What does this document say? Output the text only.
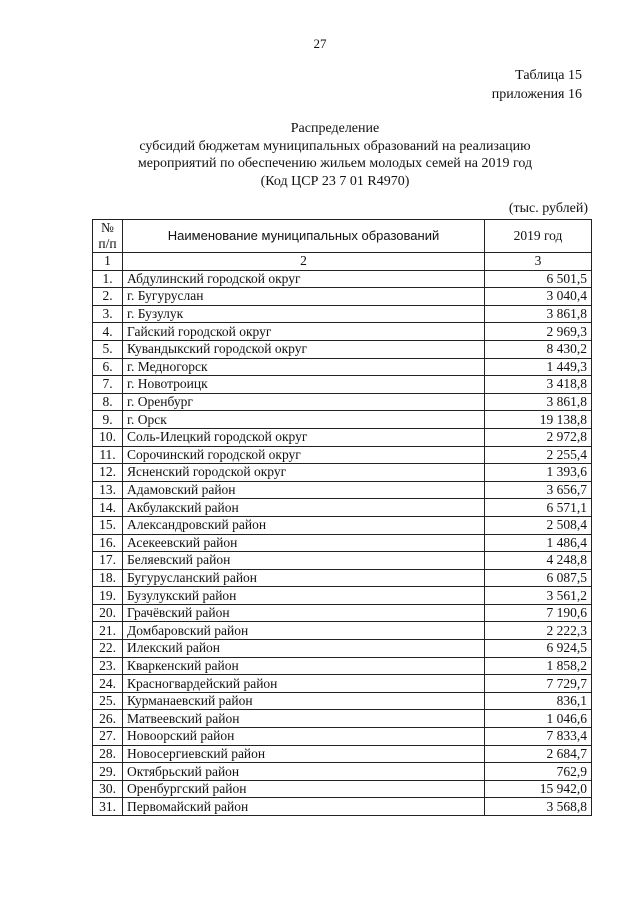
27
Таблица 15
приложения 16
Распределение
субсидий бюджетам муниципальных образований на реализацию
мероприятий по обеспечению жильем молодых семей на 2019 год
(Код ЦСР 23 7 01 R4970)
(тыс. рублей)
№
п/п	Наименование муниципальных образований	2019 год
1	2	3
1.	Абдулинский городской округ	6 501,5
2.	г. Бугуруслан	3 040,4
3.	г. Бузулук	3 861,8
4.	Гайский городской округ	2 969,3
5.	Кувандыкский городской округ	8 430,2
6.	г. Медногорск	1 449,3
7.	г. Новотроицк	3 418,8
8.	г. Оренбург	3 861,8
9.	г. Орск	19 138,8
10.	Соль-Илецкий городской округ	2 972,8
11.	Сорочинский городской округ	2 255,4
12.	Ясненский городской округ	1 393,6
13.	Адамовский район	3 656,7
14.	Акбулакский район	6 571,1
15.	Александровский район	2 508,4
16.	Асекеевский район	1 486,4
17.	Беляевский район	4 248,8
18.	Бугурусланский район	6 087,5
19.	Бузулукский район	3 561,2
20.	Грачёвский район	7 190,6
21.	Домбаровский район	2 222,3
22.	Илекский район	6 924,5
23.	Кваркенский район	1 858,2
24.	Красногвардейский район	7 729,7
25.	Курманаевский район	836,1
26.	Матвеевский район	1 046,6
27.	Новоорский район	7 833,4
28.	Новосергиевский район	2 684,7
29.	Октябрьский район	762,9
30.	Оренбургский район	15 942,0
31.	Первомайский район	3 568,8
